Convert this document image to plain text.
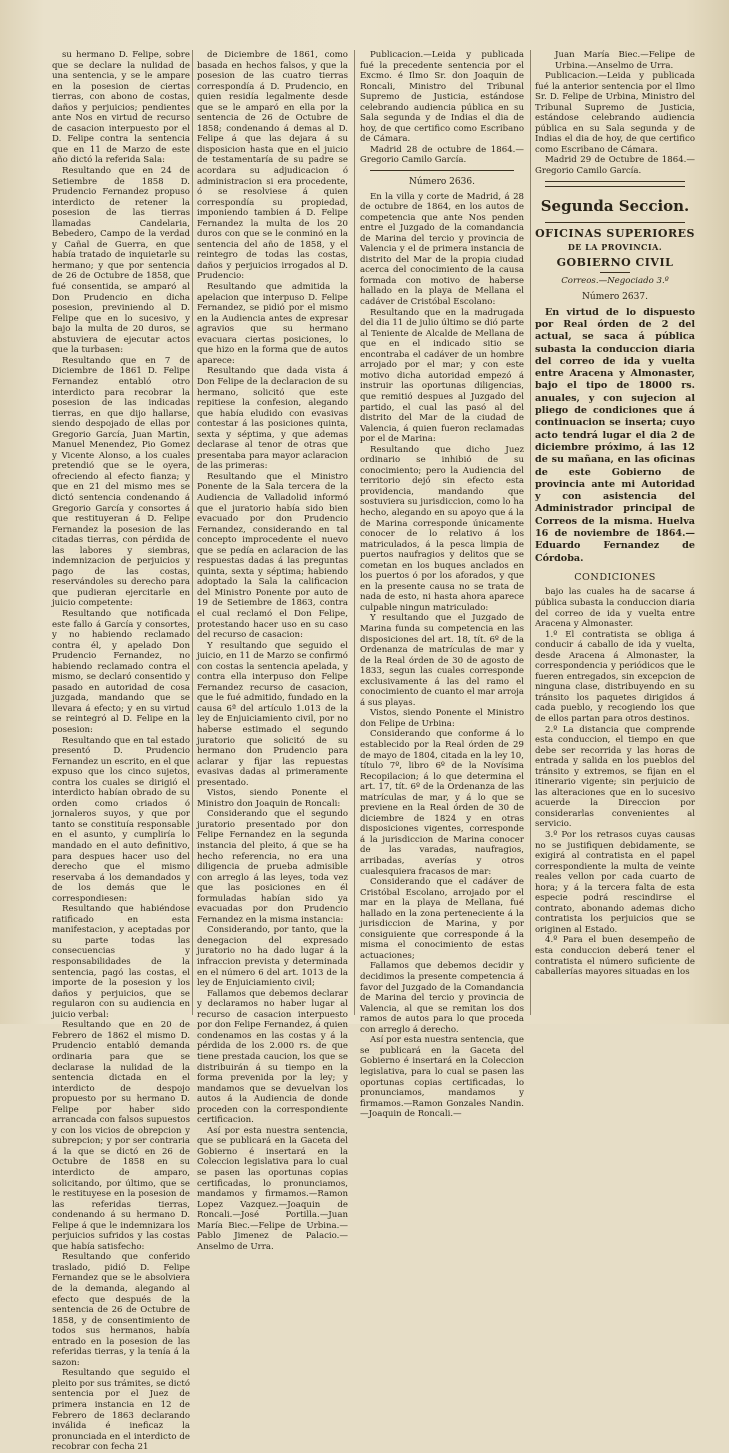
su hermano D. Felipe, sobre que se declare la nulidad de una sentencia, y se le ampare en la posesion de ciertas tierras, con abono de costas, daños y perjuicios; pendientes ante Nos en virtud de recurso de casacion interpuesto por el D. Felipe contra la sentencia que en 11 de Marzo de este año dictó la referida Sala:

Resultando que en 24 de Setiembre de 1858 D. Prudencio Fernandez propuso interdicto de retener la posesion de las tierras llamadas Candelaria, Bebedero, Campo de la verdad y Cañal de Guerra, en que había tratado de inquietarle su hermano; y que por sentencia de 26 de Octubre de 1858, que fué consentida, se amparó al Don Prudencio en dicha posesion, previniendo al D. Felipe que en lo sucesivo, y bajo la multa de 20 duros, se abstuviera de ejecutar actos que la turbasen:

Resultando que en 7 de Diciembre de 1861 D. Felipe Fernandez entabló otro interdicto para recobrar la posesion de las indicadas tierras, en que dijo hallarse, siendo despojado de ellas por Gregorio García, Juan Martin, Manuel Menendez, Pio Gomez y Vicente Alonso, a los cuales pretendió que se le oyera, ofreciendo al efecto fianza; y que en 21 del mismo mes se dictó sentencia condenando á Gregorio García y consortes á que restituyeran á D. Felipe Fernandez la posesion de las citadas tierras, con pérdida de las labores y siembras, indemnizacion de perjuicios y pago de las costas, reservándoles su derecho para que pudieran ejercitarle en juicio competente:

Resultando que notificada este fallo á García y consortes, y no habiendo reclamado contra él, y apelado Don Prudencio Fernandez, no habiendo reclamado contra el mismo, se declaró consentido y pasado en autoridad de cosa juzgada, mandando que se llevara á efecto; y en su virtud se reintegró al D. Felipe en la posesion:

Resultando que en tal estado presentó D. Prudencio Fernandez un escrito, en el que expuso que los cinco sujetos, contra los cuales se dirigió el interdicto habían obrado de su orden como criados ó jornaleros suyos, y que por tanto se constituía responsable en el asunto, y cumpliría lo mandado en el auto definitivo, para despues hacer uso del derecho que el mismo reservaba á los demandados y de los demás que le correspondiesen:

Resultando que habiéndose ratificado en esta manifestacion, y aceptadas por su parte todas las consecuencias y responsabilidades de la sentencia, pagó las costas, el importe de la posesion y los daños y perjuicios, que se regularon con su audiencia en juicio verbal:

Resultando que en 20 de Febrero de 1862 el mismo D. Prudencio entabló demanda ordinaria para que se declarase la nulidad de la sentencia dictada en el interdicto de despojo propuesto por su hermano D. Felipe por haber sido arrancada con falsos supuestos y con los vicios de obrepcion y subrepcion; y por ser contraria á la que se dictó en 26 de Octubre de 1858 en su interdicto de amparo, solicitando, por último, que se le restituyese en la posesion de las referidas tierras, condenando á su hermano D. Felipe á que le indemnizara los perjuicios sufridos y las costas que había satisfecho:

Resultando que conferido traslado, pidió D. Felipe Fernandez que se le absolviera de la demanda, alegando al efecto que después de la sentencia de 26 de Octubre de 1858, y de consentimiento de todos sus hermanos, había entrado en la posesion de las referidas tierras, y la tenía á la sazon:

Resultando que seguido el pleito por sus trámites, se dictó sentencia por el Juez de primera instancia en 12 de Febrero de 1863 declarando inválida é ineficaz la pronunciada en el interdicto de recobrar con fecha 21

de Diciembre de 1861, como basada en hechos falsos, y que la posesion de las cuatro tierras correspondía á D. Prudencio, en quien residía legalmente desde que se le amparó en ella por la sentencia de 26 de Octubre de 1858; condenando á demas al D. Felipe á que las dejara á su disposicion hasta que en el juicio de testamentaría de su padre se acordara su adjudicacion ó administracion si era procedente, ó se resolviese á quien correspondía su propiedad, imponiendo tambien á D. Felipe Fernandez la multa de los 20 duros con que se le conminó en la sentencia del año de 1858, y el reintegro de todas las costas, daños y perjuicios irrogados al D. Prudencio:

Resultando que admitida la apelacion que interpuso D. Felipe Fernandez, se pidió por el mismo en la Audiencia antes de expresar agravios que su hermano evacuara ciertas posiciones, lo que hizo en la forma que de autos aparece:

Resultando que dada vista á Don Felipe de la declaracion de su hermano, solicitó que este repitiese la confesion, alegando que había eludido con evasivas contestar á las posiciones quinta, sexta y séptima, y que ademas declarase al tenor de otras que presentaba para mayor aclaracion de las primeras:

Resultando que el Ministro Ponente de la Sala tercera de la Audiencia de Valladolid informó que el juratorio había sido bien evacuado por don Prudencio Fernandez, considerando en tal concepto improcedente el nuevo que se pedía en aclaracion de las respuestas dadas á las preguntas quinta, sexta y séptima; habiendo adoptado la Sala la calificacion del Ministro Ponente por auto de 19 de Setiembre de 1863, contra el cual reclamó el Don Felipe, protestando hacer uso en su caso del recurso de casacion:

Y resultando que seguido el juicio, en 11 de Marzo se confirmó con costas la sentencia apelada, y contra ella interpuso don Felipe Fernandez recurso de casacion, que le fué admitido, fundado en la causa 6ª del artículo 1.013 de la ley de Enjuiciamiento civil, por no haberse estimado el segundo juratorio que solicitó de su hermano don Prudencio para aclarar y fijar las repuestas evasivas dadas al primeramente presentado.

Vistos, siendo Ponente el Ministro don Joaquin de Roncali:

Considerando que el segundo juratorio presentado por don Felipe Fernandez en la segunda instancia del pleito, á que se ha hecho referencia, no era una diligencia de prueba admisible con arreglo á las leyes, toda vez que las posiciones en él formuladas habían sido ya evacuadas por don Prudencio Fernandez en la misma instancia:

Considerando, por tanto, que la denegacion del expresado juratorio no ha dado lugar á la infraccion prevista y determinada en el número 6 del art. 1013 de la ley de Enjuiciamiento civil;

Fallamos que debemos declarar y declaramos no haber lugar al recurso de casacion interpuesto por don Felipe Fernandez, á quien condenamos en las costas y á la pérdida de los 2.000 rs. de que tiene prestada caucion, los que se distribuirán á su tiempo en la forma prevenida por la ley; y mandamos que se devuelvan los autos á la Audiencia de donde proceden con la correspondiente certificacion.

Así por esta nuestra sentencia, que se publicará en la Gaceta del Gobierno é insertará en la Coleccion legislativa para lo cual se pasen las oportunas copias certificadas, lo pronunciamos, mandamos y firmamos.—Ramon Lopez Vazquez.—Joaquin de Roncali.—José Portilla.—Juan María Biec.—Felipe de Urbina.—Pablo Jimenez de Palacio.—Anselmo de Urra.

Publicacion.—Leida y publicada fué la precedente sentencia por el Excmo. é Ilmo Sr. don Joaquin de Roncali, Ministro del Tribunal Supremo de Justicia, estándose celebrando audiencia pública en su Sala segunda y de Indias el dia de hoy, de que certifico como Escribano de Cámara.

Madrid 28 de octubre de 1864.—Gregorio Camilo García.

Número 2636.

En la villa y corte de Madrid, á 28 de octubre de 1864, en los autos de competencia que ante Nos penden entre el Juzgado de la comandancia de Marina del tercio y provincia de Valencia y el de primera instancia de distrito del Mar de la propia ciudad acerca del conocimiento de la causa formada con motivo de haberse hallado en la playa de Mellana el cadáver de Cristóbal Escolano:

Resultando que en la madrugada del dia 11 de julio último se dió parte al Teniente de Alcalde de Mellana de que en el indicado sitio se encontraba el cadáver de un hombre arrojado por el mar; y con este motivo dicha autoridad empezó á instruir las oportunas diligencias, que remitió despues al Juzgado del partido, el cual las pasó al del distrito del Mar de la ciudad de Valencia, á quien fueron reclamadas por el de Marina:

Resultando que dicho Juez ordinario se inhibió de su conocimiento; pero la Audiencia del territorio dejó sin efecto esta providencia, mandando que sostuviera su jurisdiccion, como lo ha hecho, alegando en su apoyo que á la de Marina corresponde únicamente conocer de lo relativo á los matriculados, á la pesca limpia de puertos naufragios y delitos que se cometan en los buques anclados en los puertos ó por los aforados, y que en la presente causa no se trata de nada de esto, ni hasta ahora aparece culpable ningun matriculado:

Y resultando que el Juzgado de Marina funda su competencia en las disposiciones del art. 18, tít. 6º de la Ordenanza de matrículas de mar y de la Real órden de 30 de agosto de 1833, segun las cuales corresponde exclusivamente á las del ramo el conocimiento de cuanto el mar arroja á sus playas.

Vistos, siendo Ponente el Ministro don Felipe de Urbina:

Considerando que conforme á lo establecido por la Real órden de 29 de mayo de 1804, citada en la ley 10, título 7º, libro 6º de la Novísima Recopilacion; á lo que determina el art. 17, tít. 6º de la Ordenanza de las matrículas de mar, y á lo que se previene en la Real órden de 30 de diciembre de 1824 y en otras disposiciones vigentes, corresponde á la jurisdiccion de Marina conocer de las varadas, naufragios, arribadas, averías y otros cualesquiera fracasos de mar:

Considerando que el cadáver de Cristóbal Escolano, arrojado por el mar en la playa de Mellana, fué hallado en la zona perteneciente á la jurisdiccion de Marina, y por consiguiente que corresponde á la misma el conocimiento de estas actuaciones;

Fallamos que debemos decidir y decidimos la presente competencia á favor del Juzgado de la Comandancia de Marina del tercio y provincia de Valencia, al que se remitan los dos ramos de autos para lo que proceda con arreglo á derecho.

Así por esta nuestra sentencia, que se publicará en la Gaceta del Gobierno é insertará en la Coleccion legislativa, para lo cual se pasen las oportunas copias certificadas, lo pronunciamos, mandamos y firmamos.—Ramon Gonzales Nandin.—Joaquin de Roncali.—

Juan María Biec.—Felipe de Urbina.—Anselmo de Urra.

Publicacion.—Leida y publicada fué la anterior sentencia por el Ilmo Sr. D. Felipe de Urbina, Ministro del Tribunal Supremo de Justicia, estándose celebrando audiencia pública en su Sala segunda y de Indias el dia de hoy, de que certifico como Escribano de Cámara.

Madrid 29 de Octubre de 1864.—Gregorio Camilo García.

Segunda Seccion.
OFICINAS SUPERIORES
DE LA PROVINCIA.
GOBIERNO CIVIL

Correos.—Negociado 3.º

Número 2637.

En virtud de lo dispuesto por Real órden de 2 del actual, se saca á pública subasta la conduccion diaria del correo de ida y vuelta entre Aracena y Almonaster, bajo el tipo de 18000 rs. anuales, y con sujecion al pliego de condiciones que á continuacion se inserta; cuyo acto tendrá lugar el dia 2 de diciembre próximo, á las 12 de su mañana, en las oficinas de este Gobierno de provincia ante mi Autoridad y con asistencia del Administrador principal de Correos de la misma. Huelva 16 de noviembre de 1864.—Eduardo Fernandez de Córdoba.

CONDICIONES

bajo las cuales ha de sacarse á pública subasta la conduccion diaria del correo de ida y vuelta entre Aracena y Almonaster.

1.º El contratista se obliga á conducir á caballo de ida y vuelta, desde Aracena á Almonaster, la correspondencia y periódicos que le fueren entregados, sin excepcion de ninguna clase, distribuyendo en su tránsito los paquetes dirigidos á cada pueblo, y recogiendo los que de ellos partan para otros destinos.

2.º La distancia que comprende esta conduccion, el tiempo en que debe ser recorrida y las horas de entrada y salida en los pueblos del tránsito y extremos, se fijan en el itinerario vigente; sin perjuicio de las alteraciones que en lo sucesivo acuerde la Direccion por considerarlas convenientes al servicio.

3.º Por los retrasos cuyas causas no se justifiquen debidamente, se exigirá al contratista en el papel correspondiente la multa de veinte reales vellon por cada cuarto de hora; y á la tercera falta de esta especie podrá rescindirse el contrato, abonando ademas dicho contratista los perjuicios que se originen al Estado.

4.º Para el buen desempeño de esta conduccion deberá tener el contratista el número suficiente de caballerías mayores situadas en los
